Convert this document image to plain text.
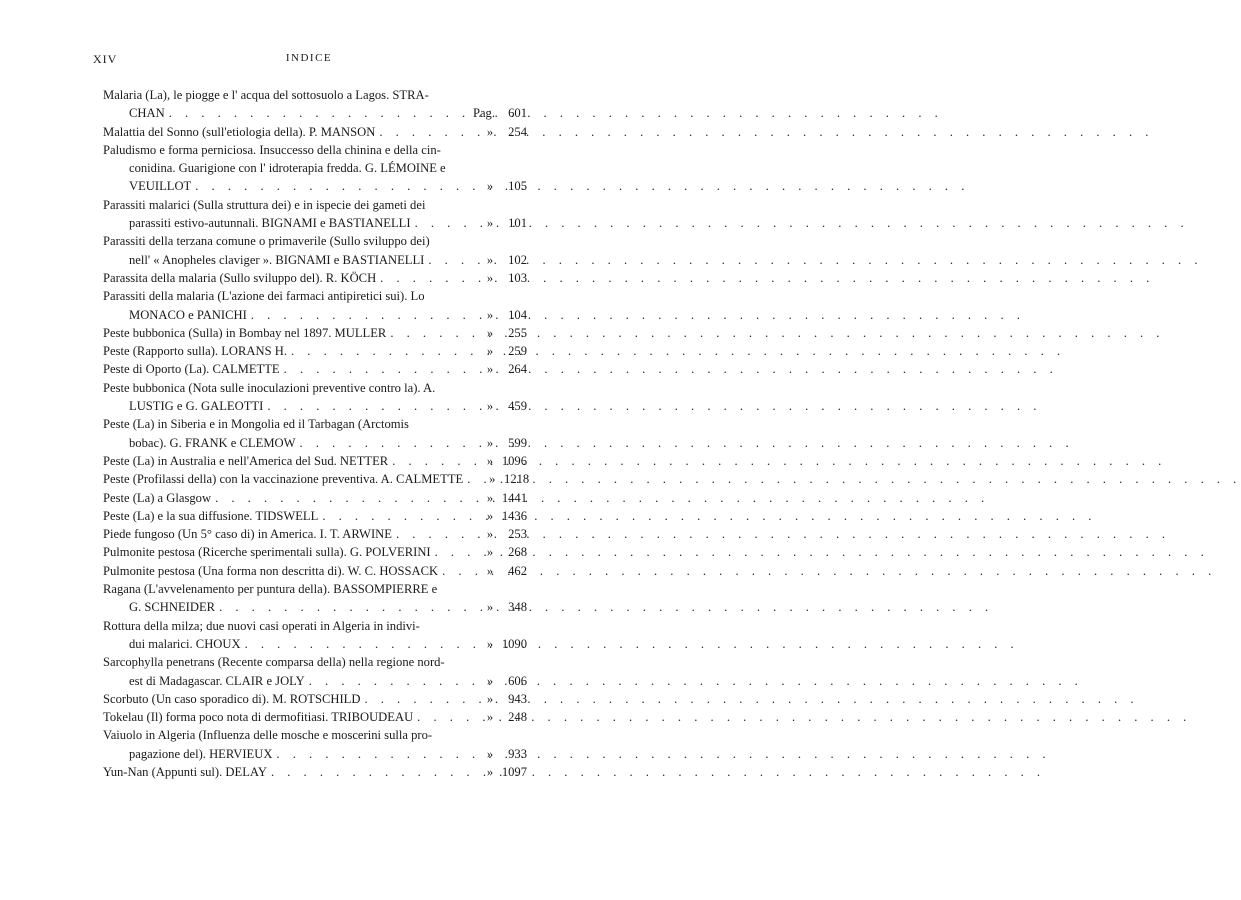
XIV	INDICE
Malaria (La), le piogge e l' acqua del sottosuolo a Lagos. STRA-
CHAN . . .	Pag.	601
Malattia del Sonno (sull'etiologia della). P. MANSON . . .	»	254
Paludismo e forma perniciosa. Insuccesso della chinina e della cin-
conidina. Guarigione con l' idroterapia fredda. G. LÉMOINE e
VEUILLOT . . .	»	105
Parassiti malarici (Sulla struttura dei) e in ispecie dei gameti dei
parassiti estivo-autunnali. BIGNAMI e BASTIANELLI . . .	»	101
Parassiti della terzana comune o primaverile (Sullo sviluppo dei)
nell' « Anopheles claviger ». BIGNAMI e BASTIANELLI . . .	»	102
Parassita della malaria (Sullo sviluppo del). R. KÖCH . . .	»	103
Parassiti della malaria (L'azione dei farmaci antipiretici sui). Lo
MONACO e PANICHI . . .	»	104
Peste bubbonica (Sulla) in Bombay nel 1897. MULLER . . .	»	255
Peste (Rapporto sulla). LORANS H. . . .	»	259
Peste di Oporto (La). CALMETTE . . .	»	264
Peste bubbonica (Nota sulle inoculazioni preventive contro la). A.
LUSTIG e G. GALEOTTI . . .	»	459
Peste (La) in Siberia e in Mongolia ed il Tarbagan (Arctomis
bobac). G. FRANK e CLEMOW . . .	»	599
Peste (La) in Australia e nell'America del Sud. NETTER . . .	» 1096
Peste (Profilassi della) con la vaccinazione preventiva. A. CALMETTE . . .	» 1218
Peste (La) a Glasgow . . .	» 1441
Peste (La) e la sua diffusione. TIDSWELL . . .	» 1436
Piede fungoso (Un 5° caso di) in America. I. T. ARWINE . . .	»	253
Pulmonite pestosa (Ricerche sperimentali sulla). G. POLVERINI . . .	»	268
Pulmonite pestosa (Una forma non descritta di). W. C. HOSSACK . . .	»	462
Ragana (L'avvelenamento per puntura della). BASSOMPIERRE e
G. SCHNEIDER . . .	»	348
Rottura della milza; due nuovi casi operati in Algeria in indivi-
dui malarici. CHOUX . . .	» 1090
Sarcophylla penetrans (Recente comparsa della) nella regione nord-
est di Madagascar. CLAIR e JOLY . . .	»	606
Scorbuto (Un caso sporadico di). M. ROTSCHILD . . .	»	943
Tokelau (Il) forma poco nota di dermofitiasi. TRIBOUDEAU . . .	»	248
Vaiuolo in Algeria (Influenza delle mosche e moscerini sulla pro-
pagazione del). HERVIEUX . . .	»	933
Yun-Nan (Appunti sul). DELAY . . .	» 1097
